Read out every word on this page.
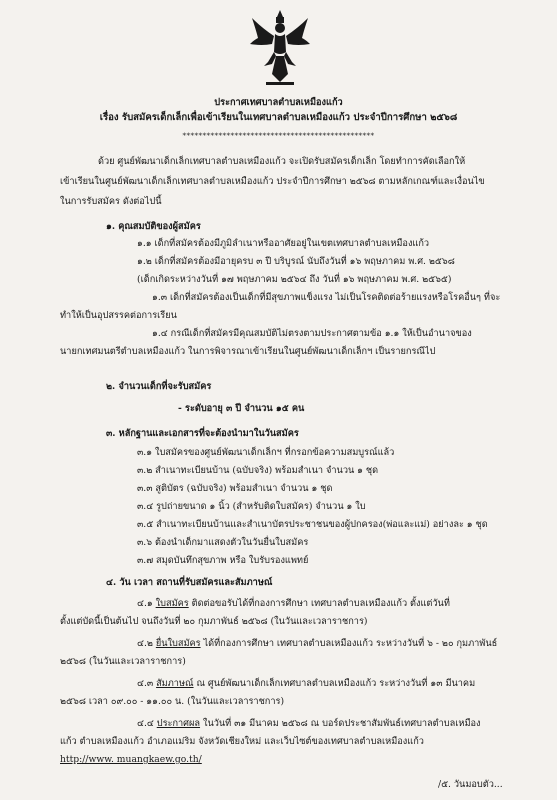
ประกาศเทศบาลตำบลเหมืองแก้ว
เรื่อง รับสมัครเด็กเล็กเพื่อเข้าเรียนในเทศบาลตำบลเหมืองแก้ว ประจำปีการศึกษา ๒๕๖๘
************************************************
ด้วย ศูนย์พัฒนาเด็กเล็กเทศบาลตำบลเหมืองแก้ว จะเปิดรับสมัครเด็กเล็ก โดยทำการคัดเลือกให้
เข้าเรียนในศูนย์พัฒนาเด็กเล็กเทศบาลตำบลเหมืองแก้ว ประจำปีการศึกษา ๒๕๖๘ ตามหลักเกณฑ์และเงื่อนไข
ในการรับสมัคร ดังต่อไปนี้
๑. คุณสมบัติของผู้สมัคร
๑.๑ เด็กที่สมัครต้องมีภูมิลำเนาหรืออาศัยอยู่ในเขตเทศบาลตำบลเหมืองแก้ว
๑.๒ เด็กที่สมัครต้องมีอายุครบ ๓ ปี บริบูรณ์ นับถึงวันที่ ๑๖ พฤษภาคม พ.ศ. ๒๕๖๘
(เด็กเกิดระหว่างวันที่ ๑๗ พฤษภาคม ๒๕๖๔ ถึง วันที่ ๑๖ พฤษภาคม พ.ศ. ๒๕๖๕)
๑.๓ เด็กที่สมัครต้องเป็นเด็กที่มีสุขภาพแข็งแรง ไม่เป็นโรคติดต่อร้ายแรงหรือโรคอื่นๆ ที่จะ
ทำให้เป็นอุปสรรคต่อการเรียน
๑.๔ กรณีเด็กที่สมัครมีคุณสมบัติไม่ตรงตามประกาศตามข้อ ๑.๑ ให้เป็นอำนาจของ
นายกเทศมนตรีตำบลเหมืองแก้ว ในการพิจารณาเข้าเรียนในศูนย์พัฒนาเด็กเล็กฯ เป็นรายกรณีไป
๒. จำนวนเด็กที่จะรับสมัคร
- ระดับอายุ ๓ ปี จำนวน ๑๕ คน
๓. หลักฐานและเอกสารที่จะต้องนำมาในวันสมัคร
๓.๑ ใบสมัครของศูนย์พัฒนาเด็กเล็กฯ ที่กรอกข้อความสมบูรณ์แล้ว
๓.๒ สำเนาทะเบียนบ้าน (ฉบับจริง) พร้อมสำเนา จำนวน ๑ ชุด
๓.๓ สูติบัตร (ฉบับจริง) พร้อมสำเนา จำนวน ๑ ชุด
๓.๔ รูปถ่ายขนาด ๑ นิ้ว (สำหรับติดใบสมัคร) จำนวน ๑ ใบ
๓.๕ สำเนาทะเบียนบ้านและสำเนาบัตรประชาชนของผู้ปกครอง(พ่อและแม่) อย่างละ ๑ ชุด
๓.๖ ต้องนำเด็กมาแสดงตัวในวันยื่นใบสมัคร
๓.๗ สมุดบันทึกสุขภาพ หรือ ใบรับรองแพทย์
๔. วัน เวลา สถานที่รับสมัครและสัมภาษณ์
๔.๑ ใบสมัคร ติดต่อขอรับได้ที่กองการศึกษา เทศบาลตำบลเหมืองแก้ว ตั้งแต่วันที่
ตั้งแต่บัดนี้เป็นต้นไป จนถึงวันที่ ๒๐ กุมภาพันธ์ ๒๕๖๘ (ในวันและเวลาราชการ)
๔.๒ ยื่นใบสมัคร ได้ที่กองการศึกษา เทศบาลตำบลเหมืองแก้ว ระหว่างวันที่ ๖ - ๒๐ กุมภาพันธ์
๒๕๖๘ (ในวันและเวลาราชการ)
๔.๓ สัมภาษณ์ ณ ศูนย์พัฒนาเด็กเล็กเทศบาลตำบลเหมืองแก้ว ระหว่างวันที่ ๑๓ มีนาคม
๒๕๖๘ เวลา ๐๙.๐๐ - ๑๑.๐๐ น. (ในวันและเวลาราชการ)
๔.๔ ประกาศผล ในวันที่ ๓๑ มีนาคม ๒๕๖๘ ณ บอร์ดประชาสัมพันธ์เทศบาลตำบลเหมือง
แก้ว ตำบลเหมืองแก้ว อำเภอแม่ริม จังหวัดเชียงใหม่ และเว็บไซต์ของเทศบาลตำบลเหมืองแก้ว
http://www. muangkaew.go.th/
/๕. วันมอบตัว...
